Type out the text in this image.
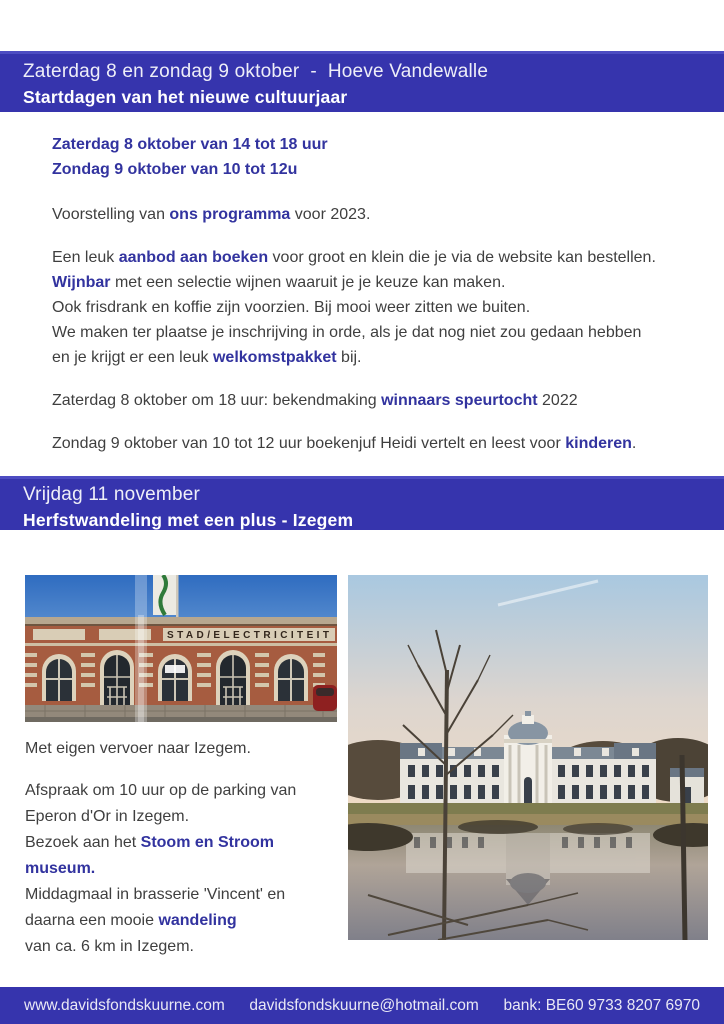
Zaterdag 8 en zondag 9 oktober  -  Hoeve Vandewalle
Startdagen van het nieuwe cultuurjaar
Zaterdag 8 oktober van 14 tot 18 uur
Zondag 9 oktober van 10 tot 12u
Voorstelling van ons programma voor 2023.
Een leuk aanbod aan boeken voor groot en klein die je via de website kan bestellen.
Wijnbar met een selectie wijnen waaruit je je keuze kan maken.
Ook frisdrank en koffie zijn voorzien. Bij mooi weer zitten we buiten.
We maken ter plaatse je inschrijving in orde, als je dat nog niet zou gedaan hebben
en je krijgt er een leuk welkomstpakket bij.
Zaterdag 8 oktober om 18 uur: bekendmaking winnaars speurtocht 2022
Zondag 9 oktober van 10 tot 12 uur boekenjuf Heidi vertelt en leest voor kinderen.
Vrijdag 11 november
Herfstwandeling met een plus - Izegem
STAD/ELECTRICITEIT
Met eigen vervoer naar Izegem.
Afspraak om 10 uur op de parking van
Eperon d'Or in Izegem.
Bezoek aan het Stoom en Stroom
museum.
Middagmaal in brasserie 'Vincent' en
daarna een mooie wandeling
van ca. 6 km in Izegem.
www.davidsfondskuurne.com davidsfondskuurne@hotmail.com bank: BE60 9733 8207 6970
